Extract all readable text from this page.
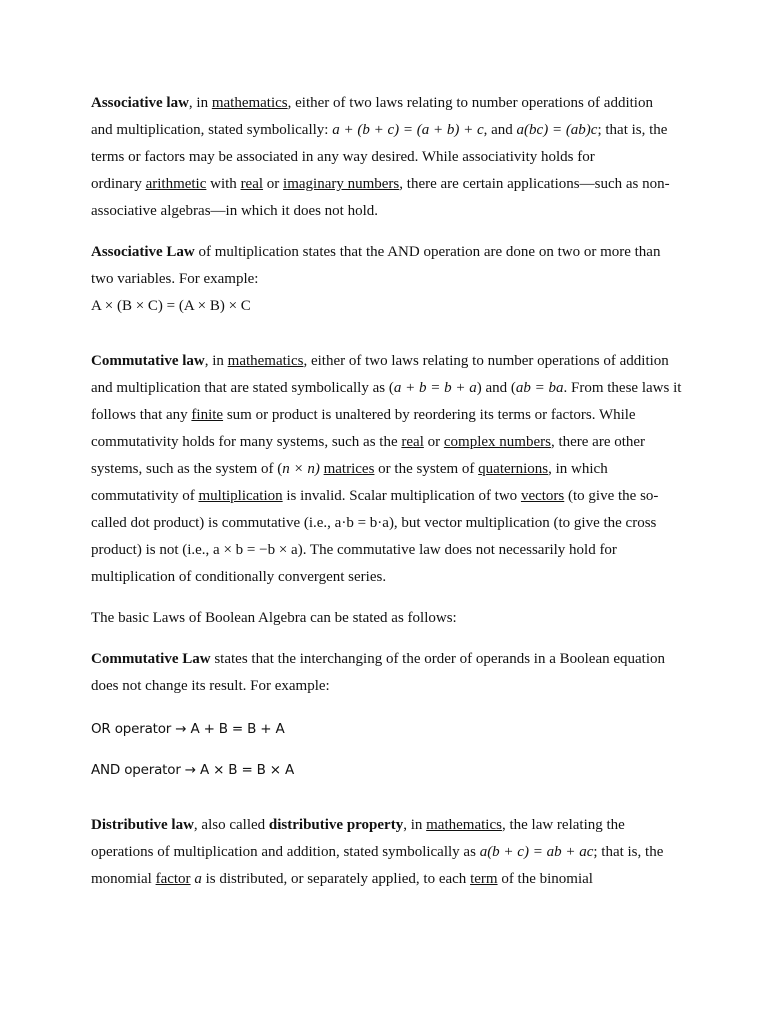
Associative law, in mathematics, either of two laws relating to number operations of addition
and multiplication, stated symbolically: a + (b + c) = (a + b) + c, and a(bc) = (ab)c; that is, the
terms or factors may be associated in any way desired. While associativity holds for
ordinary arithmetic with real or imaginary numbers, there are certain applications—such as non-
associative algebras—in which it does not hold.
Associative Law of multiplication states that the AND operation are done on two or more than
two variables. For example:
A × (B × C) = (A × B) × C
Commutative law, in mathematics, either of two laws relating to number operations of addition
and multiplication that are stated symbolically as (a + b = b + a) and (ab = ba. From these laws it
follows that any finite sum or product is unaltered by reordering its terms or factors. While
commutativity holds for many systems, such as the real or complex numbers, there are other
systems, such as the system of (n × n) matrices or the system of quaternions, in which
commutativity of multiplication is invalid. Scalar multiplication of two vectors (to give the so-
called dot product) is commutative (i.e., a·b = b·a), but vector multiplication (to give the cross
product) is not (i.e., a × b = −b × a). The commutative law does not necessarily hold for
multiplication of conditionally convergent series.
The basic Laws of Boolean Algebra can be stated as follows:
Commutative Law states that the interchanging of the order of operands in a Boolean equation
does not change its result. For example:
OR operator → A + B = B + A
AND operator → A × B = B × A
Distributive law, also called distributive property, in mathematics, the law relating the
operations of multiplication and addition, stated symbolically as a(b + c) = ab + ac; that is, the
monomial factor a is distributed, or separately applied, to each term of the binomial
